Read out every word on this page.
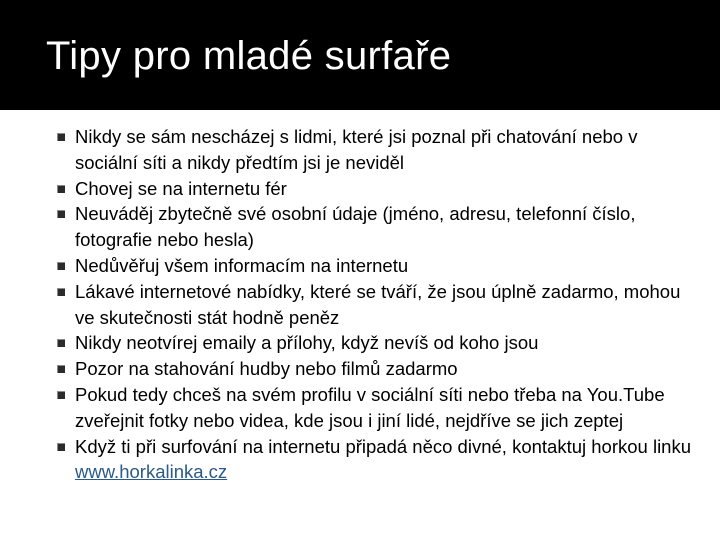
Tipy pro mladé surfaře
Nikdy se sám nescházej s lidmi, které jsi poznal při chatování nebo v sociální síti a nikdy předtím jsi je neviděl
Chovej se na internetu fér
Neuváděj zbytečně své osobní údaje (jméno, adresu, telefonní číslo, fotografie nebo hesla)
Nedůvěřuj všem informacím na internetu
Lákavé internetové nabídky, které se tváří, že jsou úplně zadarmo, mohou ve skutečnosti stát hodně peněz
Nikdy neotvírej emaily a přílohy, když nevíš od koho jsou
Pozor na stahování hudby nebo filmů zadarmo
Pokud tedy chceš na svém profilu v sociální síti nebo třeba na You.Tube zveřejnit fotky nebo videa, kde jsou i jiní lidé, nejdříve se jich zeptej
Když ti při surfování na internetu připadá něco divné, kontaktuj horkou linku www.horkalinka.cz
